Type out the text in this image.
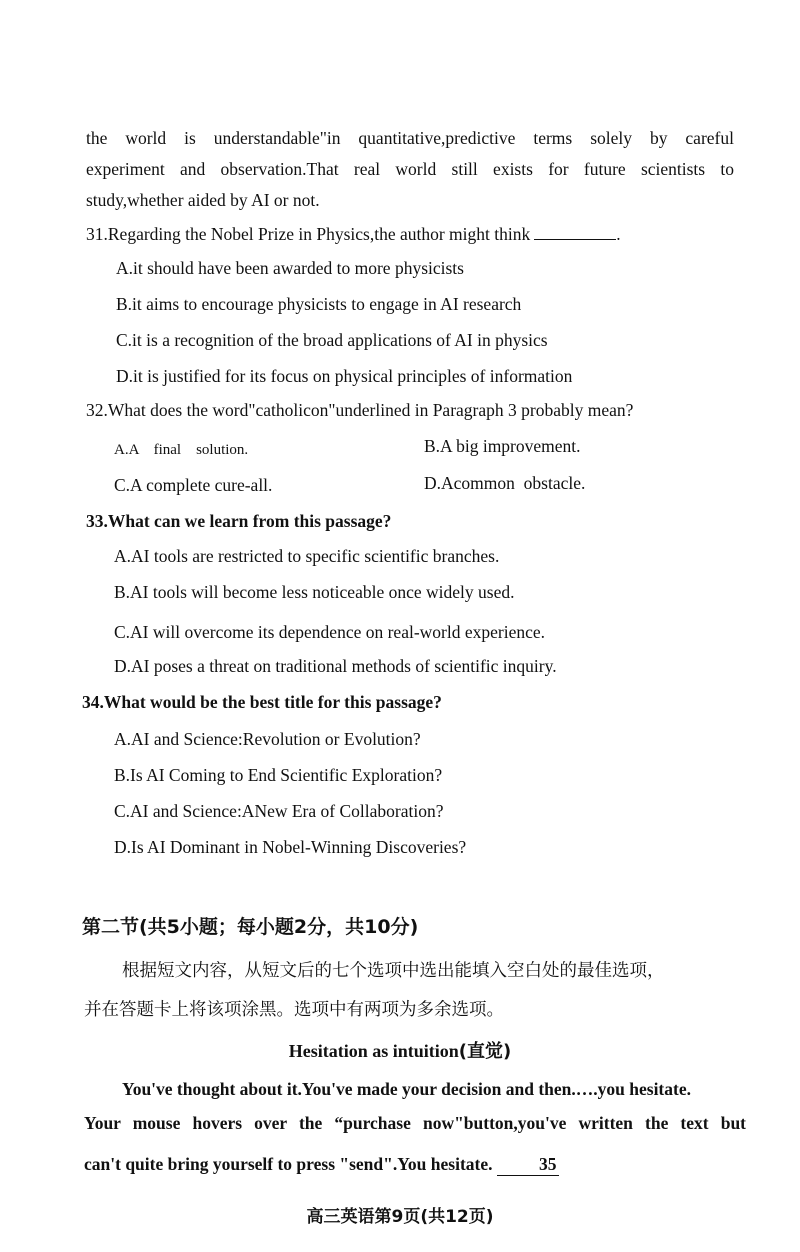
the world is understandable"in quantitative,predictive terms solely by careful
experiment and observation.That real world still exists for future scientists to
study,whether aided by AI or not.
31.Regarding the Nobel Prize in Physics,the author might think	.
A.it should have been awarded to more physicists
B.it aims to encourage physicists to engage in AI research
C.it is a recognition of the broad applications of AI in physics
D.it is justified for its focus on physical principles of information
32.What does the word"catholicon"underlined in Paragraph 3 probably mean?
A.A    final    solution.	B.A big improvement.
C.A complete cure-all.	D.Acommon  obstacle.
33.What can we learn from this passage?
A.AI tools are restricted to specific scientific branches.
B.AI tools will become less noticeable once widely used.
C.AI will overcome its dependence on real-world experience.
D.AI poses a threat on traditional methods of scientific inquiry.
34.What would be the best title for this passage?
A.AI and Science:Revolution or Evolution?
B.Is AI Coming to End Scientific Exploration?
C.AI and Science:ANew Era of Collaboration?
D.Is AI Dominant in Nobel-Winning Discoveries?
第二节(共5小题；每小题2分，共10分)
根据短文内容，从短文后的七个选项中选出能填入空白处的最佳选项，
并在答题卡上将该项涂黑。选项中有两项为多余选项。
Hesitation as intuition(直觉)
You've thought about it.You've made your decision and then.….you hesitate.
Your mouse hovers over the “purchase now"button,you've written the text but
can't quite bring yourself to press "send".You hesitate.	35
高三英语第9页(共12页)
